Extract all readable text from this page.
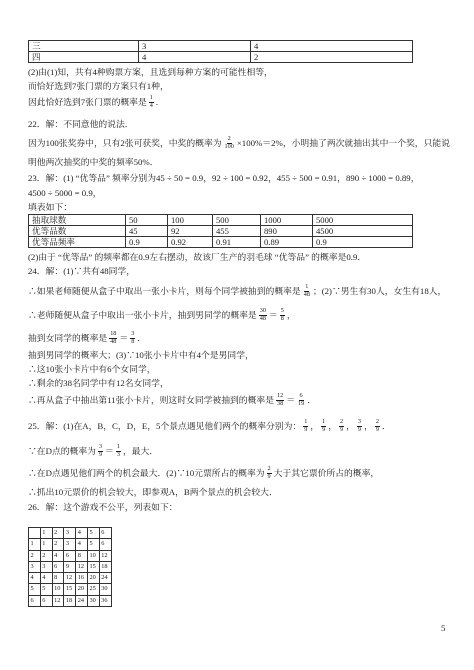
三	3	4
四	4	2
(2)由(1)知，共有4种购票方案，且选到每种方案的可能性相等，
而恰好选到7张门票的方案只有1种，
因此恰好选到7张门票的概率是 $\frac{1}{4}$ .
22．解：不同意他的说法．
因为100张奖券中，只有2张可获奖，中奖的概率为 $\frac{2}{100} \times 100\%=2\%$，小明抽了两次就抽出其中一个奖，只能说
明他两次抽奖的中奖的频率50%．
23．解：(1) “优等品” 频率分别为45 ÷ 50 = 0.9，92 ÷ 100 = 0.92，455 ÷ 500 = 0.91，890 ÷ 1000 = 0.89，
4500 ÷ 5000 = 0.9，
填表如下：
抽取球数	50	100	500	1000	5000
优等品数	45	92	455	890	4500
优等品频率	0.9	0.92	0.91	0.89	0.9
(2)由于 “优等品” 的频率都在0.9左右摆动，故该厂生产的羽毛球 “优等品” 的概率是0.9．
24．解：(1)∵共有48同学，
∴如果老师随便从盒子中取出一张小卡片，则每个同学被抽到的概率是 $\frac{1}{48}$ ；(2)∵男生有30人，女生有18人，
∴老师随便从盒子中取出一张小卡片，抽到男同学的概率是 $\frac{30}{48} = \frac{5}{8}$ ，
抽到女同学的概率是 $\frac{18}{48} = \frac{3}{8}$ ．
抽到男同学的概率大；(3)∵10张小卡片中有4个是男同学，
∴这10张小卡片中有6个女同学，
∴剩余的38名同学中有12名女同学，
∴再从盒子中抽出第11张小卡片，则这时女同学被抽到的概率是 $\frac{12}{38} = \frac{6}{19}$ ．
25．解：(1)在A，B，C，D，E，5个景点遇见他们两个的概率分别为： $\frac{1}{9}$ ， $\frac{1}{9}$ ， $\frac{2}{9}$ ， $\frac{3}{9}$ ， $\frac{2}{9}$ ．
∵在D点的概率为 $\frac{3}{9} = \frac{1}{3}$ ，最大．
∴在D点遇见他们两个的机会最大．(2)∵10元票所占的概率为 $\frac{2}{9}$ 大于其它票价所占的概率，
∴抓出10元票价的机会较大，即参观A，B两个景点的机会较大．
26．解：这个游戏不公平，列表如下：
	1	2	3	4	5	6
1	1	2	3	4	5	6
2	2	4	6	8	10	12
3	3	6	9	12	15	18
4	4	8	12	16	20	24
5	5	10	15	20	25	30
6	6	12	18	24	30	36
5
